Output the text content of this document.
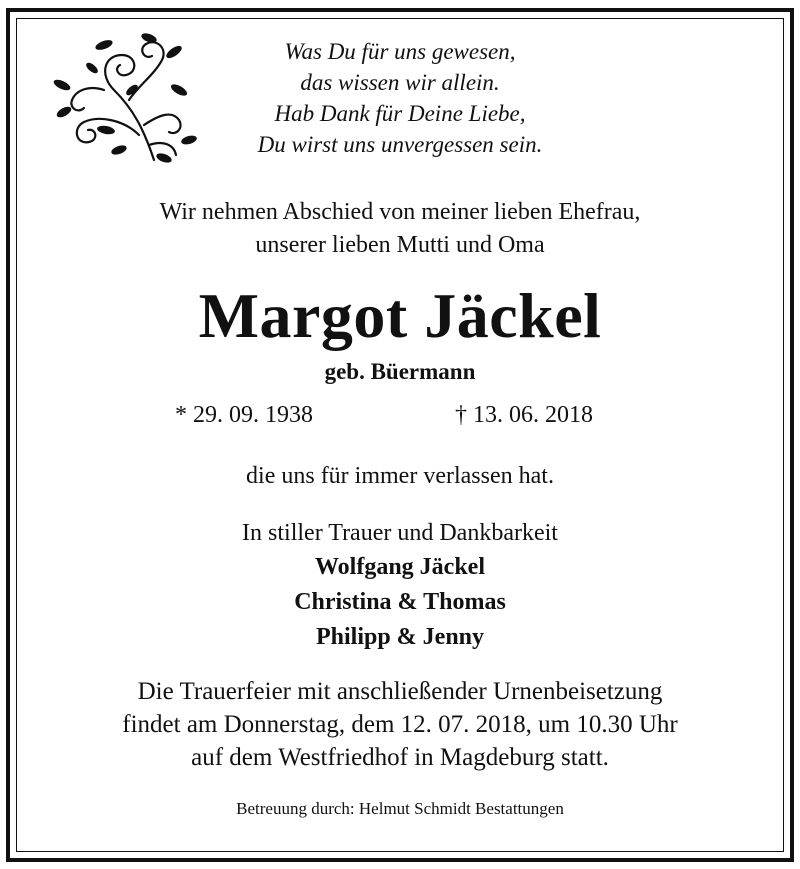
Was Du für uns gewesen,
das wissen wir allein.
Hab Dank für Deine Liebe,
Du wirst uns unvergessen sein.
Wir nehmen Abschied von meiner lieben Ehefrau,
unserer lieben Mutti und Oma
Margot Jäckel
geb. Büermann
* 29. 09. 1938	† 13. 06. 2018
die uns für immer verlassen hat.
In stiller Trauer und Dankbarkeit
Wolfgang Jäckel
Christina & Thomas
Philipp & Jenny
Die Trauerfeier mit anschließender Urnenbeisetzung
findet am Donnerstag, dem 12. 07. 2018, um 10.30 Uhr
auf dem Westfriedhof in Magdeburg statt.
Betreuung durch: Helmut Schmidt Bestattungen
